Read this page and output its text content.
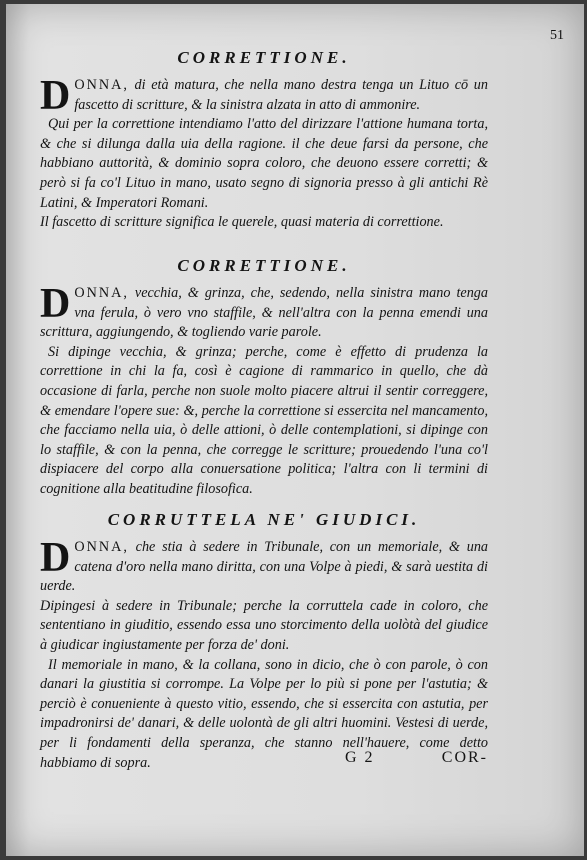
51

CORRETTIONE.

D ONNA, di età matura, che nella mano destra tenga un Lituo cō un fascetto di scritture, & la sinistra alzata in atto di ammonire.

Qui per la correttione intendiamo l'atto del dirizzare l'attione humana torta, & che si dilunga dalla uia della ragione. il che deue farsi da persone, che habbiano auttorità, & dominio sopra coloro, che deuono essere corretti; & però si fa co'l Lituo in mano, usato segno di signoria presso à gli antichi Rè Latini, & Imperatori Romani.

Il fascetto di scritture significa le querele, quasi materia di correttione.

CORRETTIONE.

D ONNA, vecchia, & grinza, che, sedendo, nella sinistra mano tenga vna ferula, ò vero vno staffile, & nell'altra con la penna emendi una scrittura, aggiungendo, & togliendo varie parole.

Si dipinge vecchia, & grinza; perche, come è effetto di prudenza la correttione in chi la fa, così è cagione di rammarico in quello, che dà occasione di farla, perche non suole molto piacere altrui il sentir correggere, & emendare l'opere sue: &, perche la correttione si essercita nel mancamento, che facciamo nella uia, ò delle attioni, ò delle contemplationi, si dipinge con lo staffile, & con la penna, che corregge le scritture; prouedendo l'una co'l dispiacere del corpo alla conuersatione politica; l'altra con li termini di cognitione alla beatitudine filosofica.

CORRUTTELA NE' GIUDICI.

D ONNA, che stia à sedere in Tribunale, con un memoriale, & una catena d'oro nella mano diritta, con una Volpe à piedi, & sarà uestita di uerde.

Dipingesi à sedere in Tribunale; perche la corruttela cade in coloro, che sententiano in giuditio, essendo essa uno storcimento della uolòtà del giudice à giudicar ingiustamente per forza de' doni.

Il memoriale in mano, & la collana, sono in dicio, che ò con parole, ò con danari la giustitia si corrompe. La Volpe per lo più si pone per l'astutia; & perciò è conueniente à questo vitio, essendo, che si essercita con astutia, per impadronirsi de' danari, & delle uolontà de gli altri huomini. Vestesi di uerde, per li fondamenti della speranza, che stanno nell'hauere, come detto habbiamo di sopra.	G 2	COR-
